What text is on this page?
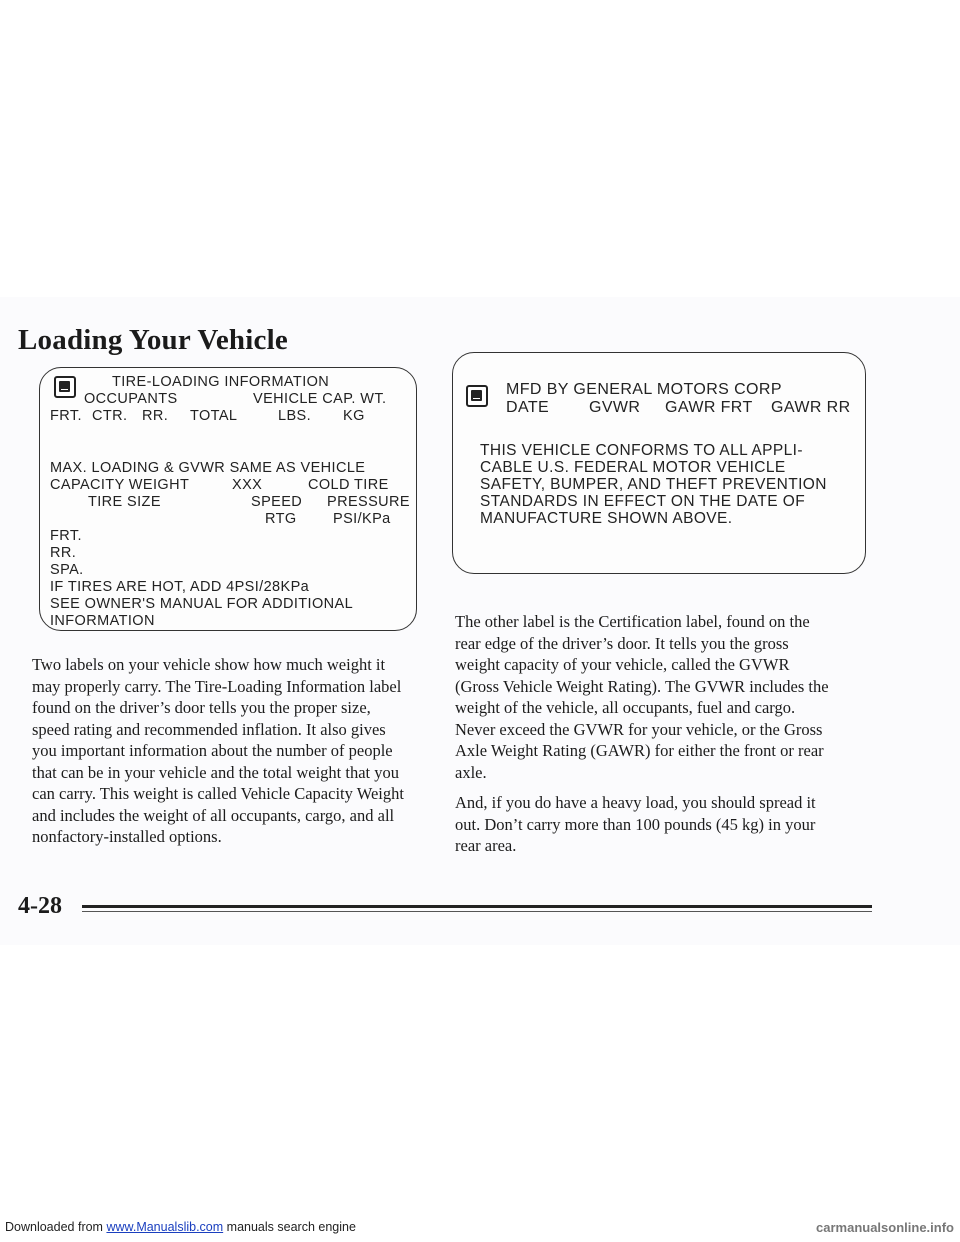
Loading Your Vehicle
TIRE-LOADING INFORMATION
OCCUPANTS	VEHICLE CAP. WT.
FRT. CTR. RR. TOTAL	LBS. KG
MAX. LOADING & GVWR SAME AS VEHICLE
CAPACITY WEIGHT	XXX	COLD TIRE
TIRE SIZE	SPEED PRESSURE
RTG	PSI/KPa
FRT.
RR.
SPA.
IF TIRES ARE HOT, ADD 4PSI/28KPa
SEE OWNER'S MANUAL FOR ADDITIONAL
INFORMATION
MFD BY GENERAL MOTORS CORP
DATE GVWR GAWR FRT GAWR RR
THIS VEHICLE CONFORMS TO ALL APPLI-
CABLE U.S. FEDERAL MOTOR VEHICLE
SAFETY, BUMPER, AND THEFT PREVENTION
STANDARDS IN EFFECT ON THE DATE OF
MANUFACTURE SHOWN ABOVE.
Two labels on your vehicle show how much weight it
may properly carry. The Tire-Loading Information label
found on the driver’s door tells you the proper size,
speed rating and recommended inflation. It also gives
you important information about the number of people
that can be in your vehicle and the total weight that you
can carry. This weight is called Vehicle Capacity Weight
and includes the weight of all occupants, cargo, and all
nonfactory-installed options.
The other label is the Certification label, found on the
rear edge of the driver’s door. It tells you the gross
weight capacity of your vehicle, called the GVWR
(Gross Vehicle Weight Rating). The GVWR includes the
weight of the vehicle, all occupants, fuel and cargo.
Never exceed the GVWR for your vehicle, or the Gross
Axle Weight Rating (GAWR) for either the front or rear
axle.
And, if you do have a heavy load, you should spread it
out. Don’t carry more than 100 pounds (45 kg) in your
rear area.
4-28
Downloaded from www.Manualslib.com manuals search engine	carmanualsonline.info
